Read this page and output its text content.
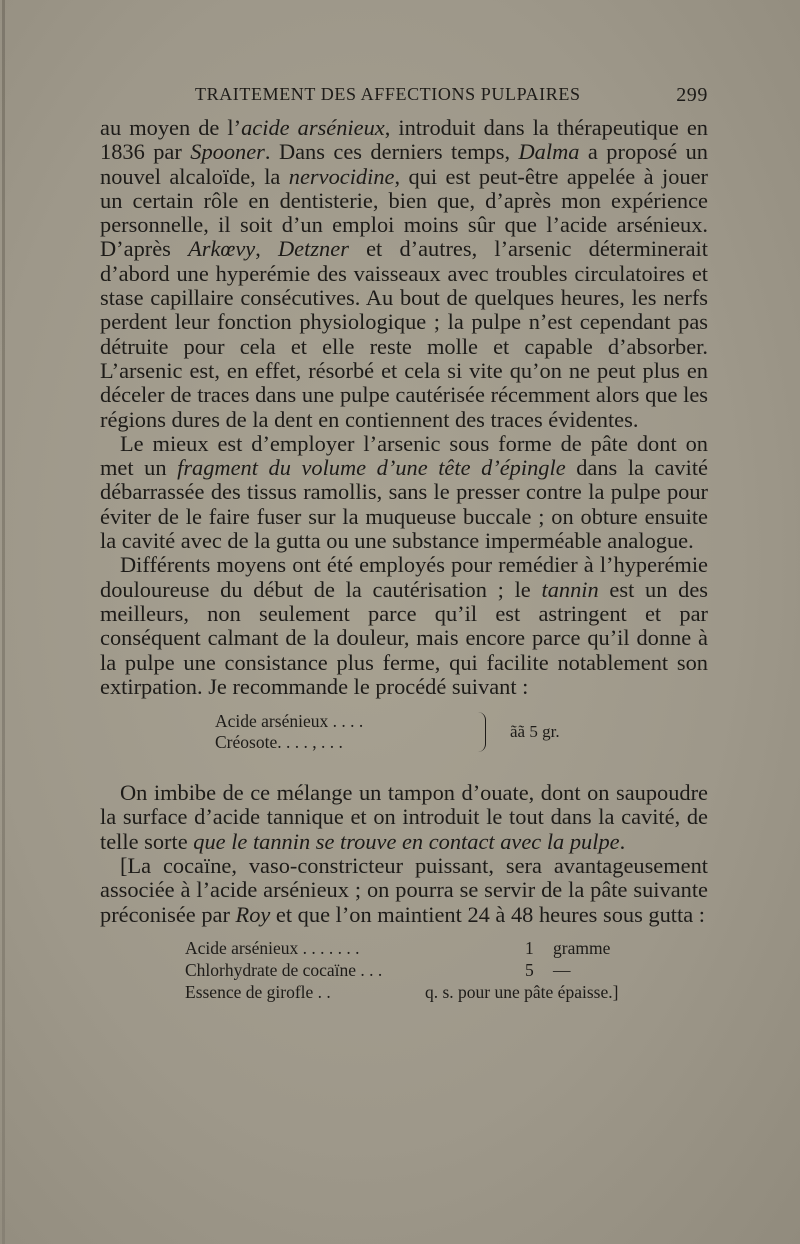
TRAITEMENT DES AFFECTIONS PULPAIRES	299

au moyen de l’acide arsénieux, introduit dans la thérapeutique en 1836 par Spooner. Dans ces derniers temps, Dalma a proposé un nouvel alcaloïde, la nervocidine, qui est peut-être appelée à jouer un certain rôle en dentisterie, bien que, d’après mon expérience personnelle, il soit d’un emploi moins sûr que l’acide arsénieux. D’après Arkœvy, Detzner et d’autres, l’arsenic déterminerait d’abord une hyperémie des vaisseaux avec troubles circulatoires et stase capillaire consécutives. Au bout de quelques heures, les nerfs perdent leur fonction physiologique ; la pulpe n’est cependant pas détruite pour cela et elle reste molle et capable d’absorber. L’arsenic est, en effet, résorbé et cela si vite qu’on ne peut plus en déceler de traces dans une pulpe cautérisée récemment alors que les régions dures de la dent en contiennent des traces évidentes.

Le mieux est d’employer l’arsenic sous forme de pâte dont on met un fragment du volume d’une tête d’épingle dans la cavité débarrassée des tissus ramollis, sans le presser contre la pulpe pour éviter de le faire fuser sur la muqueuse buccale ; on obture ensuite la cavité avec de la gutta ou une substance imperméable analogue.

Différents moyens ont été employés pour remédier à l’hyperémie douloureuse du début de la cautérisation ; le tannin est un des meilleurs, non seulement parce qu’il est astringent et par conséquent calmant de la douleur, mais encore parce qu’il donne à la pulpe une consistance plus ferme, qui facilite notablement son extirpation. Je recommande le procédé suivant :

Acide arsénieux . . . .
Créosote. . . . , . . .
ãã 5 gr.

On imbibe de ce mélange un tampon d’ouate, dont on saupoudre la surface d’acide tannique et on introduit le tout dans la cavité, de telle sorte que le tannin se trouve en contact avec la pulpe.

[La cocaïne, vaso-constricteur puissant, sera avantageusement associée à l’acide arsénieux ; on pourra se servir de la pâte suivante préconisée par Roy et que l’on maintient 24 à 48 heures sous gutta :

Acide arsénieux . . . . . . .	1 gramme
Chlorhydrate de cocaïne . . .	5 —
Essence de girofle . .	q. s. pour une pâte épaisse.]
